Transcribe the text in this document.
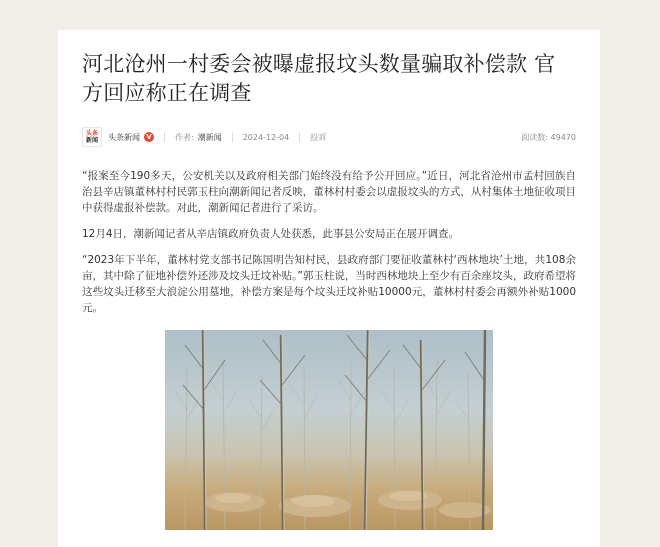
河北沧州一村委会被曝虚报坟头数量骗取补偿款 官方回应称正在调查
头条
新闻 头条新闻 V	作者: 潮新闻	2024-12-04	投诉	阅读数: 49470

“报案至今190多天，公安机关以及政府相关部门始终没有给予公开回应。”近日，河北省沧州市孟村回族自治县辛店镇董林村村民郭玉柱向潮新闻记者反映，董林村村委会以虚报坟头的方式，从村集体土地征收项目中获得虚报补偿款。对此，潮新闻记者进行了采访。

12月4日，潮新闻记者从辛店镇政府负责人处获悉，此事县公安局正在展开调查。

“2023年下半年，董林村党支部书记陈国明告知村民，县政府部门要征收董林村‘西林地块’土地，共108余亩，其中除了征地补偿外还涉及坟头迁坟补贴。”郭玉柱说，当时西林地块上至少有百余座坟头，政府希望将这些坟头迁移至大浪淀公用墓地，补偿方案是每个坟头迁坟补贴10000元，董林村村委会再额外补贴1000元。
